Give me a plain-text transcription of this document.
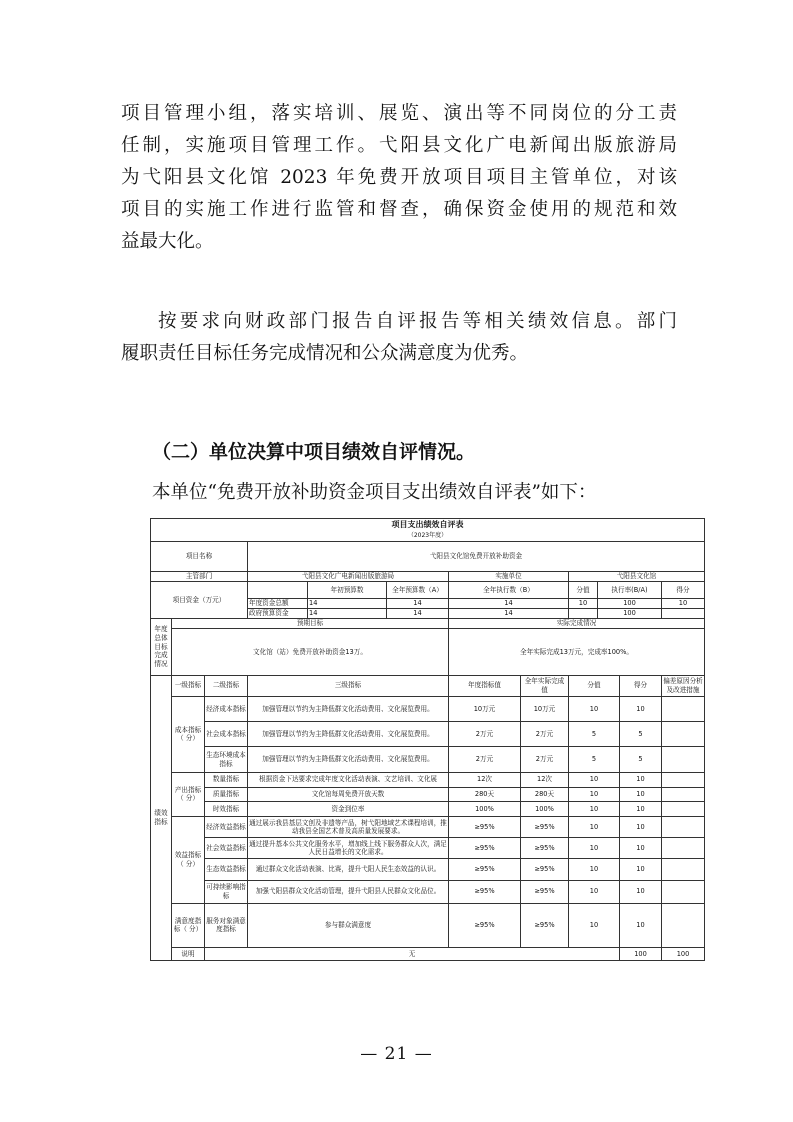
项目管理小组，落实培训、展览、演出等不同岗位的分工责
任制，实施项目管理工作。弋阳县文化广电新闻出版旅游局
为弋阳县文化馆 2023 年免费开放项目项目主管单位，对该
项目的实施工作进行监管和督查，确保资金使用的规范和效
益最大化。
按要求向财政部门报告自评报告等相关绩效信息。部门
履职责任目标任务完成情况和公众满意度为优秀。
（二）单位决算中项目绩效自评情况。
本单位“免费开放补助资金项目支出绩效自评表”如下：
项目支出绩效自评表												
（2023年度）												
项目名称			弋阳县文化馆免费开放补助资金									
主管部门			弋阳县文化广电新闻出版旅游局			实施单位		弋阳县文化馆				
项目资金（万元）				年初预算数	全年预算数（A）	全年执行数（B）		分值	执行率(B/A)		得分	
			年度资金总额	14	14	14		10	100		10	
			政府预算资金	14	14	14			100			
年度总体目标完成情况	预期目标					实际完成情况						
	文化馆（站）免费开放补助资金13万。					全年实际完成13万元，完成率100%。						
绩效指标	一级指标	二级指标	三级指标			年度指标值	全年实际完成值	分值		得分	偏差原因分析及改进措施	
	成本指标（ 分）	经济成本指标	加强管理以节约为主降低群文化活动费用、文化展览费用。			10万元	10万元	10		10		
		社会成本指标	加强管理以节约为主降低群文化活动费用、文化展览费用。			2万元	2万元	5		5		
		生态环境成本指标	加强管理以节约为主降低群文化活动费用、文化展览费用。			2万元	2万元	5		5		
	产出指标（ 分）	数量指标	根据资金下达要求完成年度文化活动表演、文艺培训、文化展			12次	12次	10		10		
		质量指标	文化馆每周免费开放天数			280天	280天	10		10		
		时效指标	资金到位率			100%	100%	10		10		
	效益指标（ 分）	经济效益指标	通过展示我县基层文创及非遗等产品，树弋阳地域艺术课程培训，推动我县全国艺术普及高质量发展要求。			≥95%	≥95%	10		10		
		社会效益指标	通过提升基本公共文化服务水平，增加线上线下服务群众人次，满足人民日益增长的文化需求。			≥95%	≥95%	10		10		
		生态效益指标	通过群众文化活动表演、比赛，提升弋阳人民生态效益的认识。			≥95%	≥95%	10		10		
		可持续影响指标	加强弋阳县群众文化活动管理，提升弋阳县人民群众文化品位。			≥95%	≥95%	10		10		
	满意度指标（ 分）	服务对象满意度指标	参与群众满意度			≥95%	≥95%	10		10		
	说明	无								100	100	
— 21 —
